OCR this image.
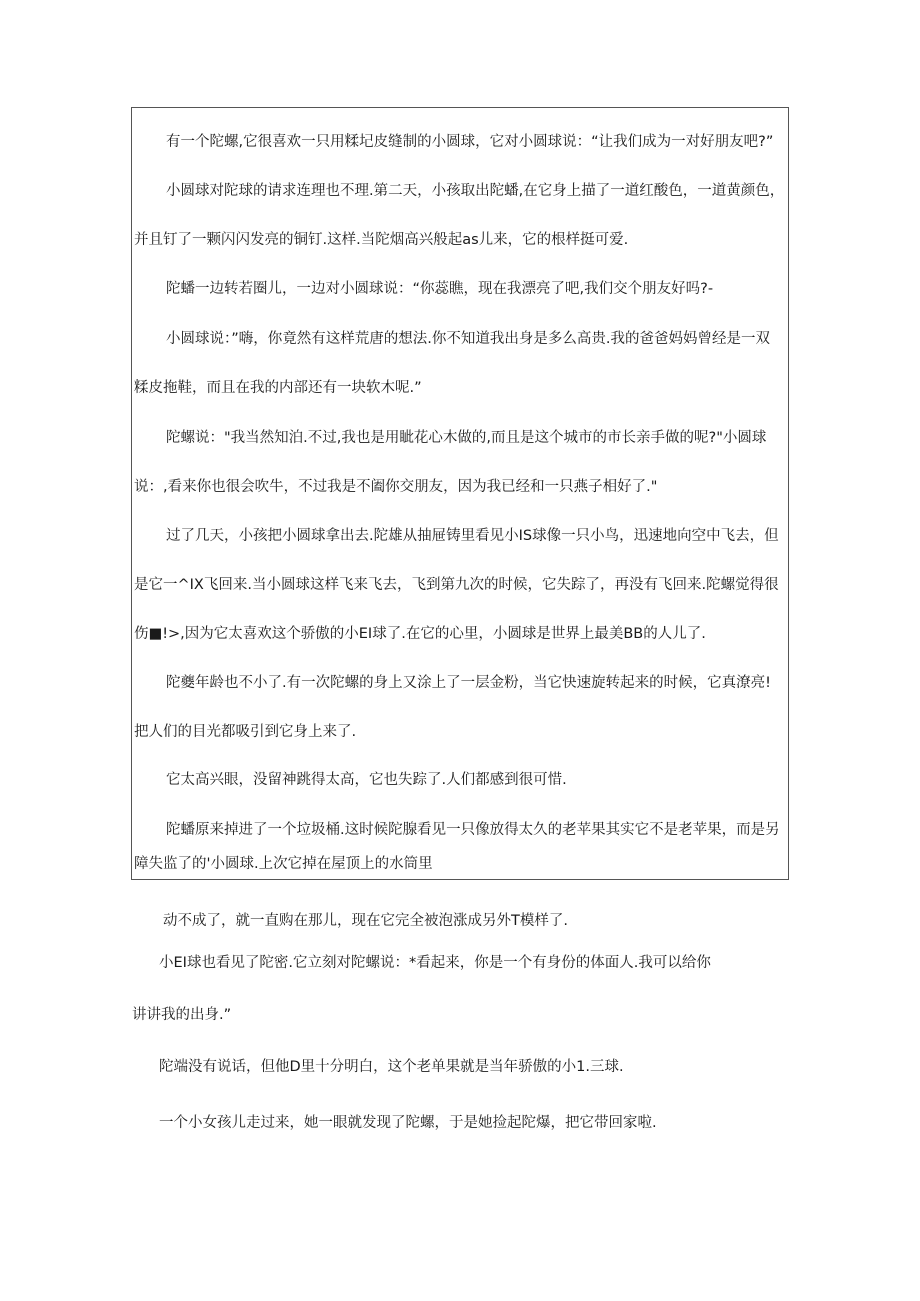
有一个陀螺,它很喜欢一只用糅圮皮缝制的小圆球，它对小圆球说：“让我们成为一对好朋友吧?”
小圆球对陀球的请求连理也不理.第二天，小孩取出陀蟠,在它身上描了一道红酸色，一道黄颜色，
并且钉了一颗闪闪发亮的铜钉.这样.当陀烟高兴般起as儿来，它的根样挺可爱.
陀蟠一边转若圈儿，一边对小圆球说：“你蕊瞧，现在我漂亮了吧,我们交个朋友好吗?-
小圆球说：”嗨，你竟然有这样荒唐的想法.你不知道我出身是多么高贵.我的爸爸妈妈曾经是一双
糅皮拖鞋，而且在我的内部还有一块软木呢.”
陀螺说："我当然知泊.不过,我也是用眦花心木做的,而且是这个城市的市长亲手做的呢?"小圆球
说：,看来你也很会吹牛，不过我是不阖你交朋友，因为我已经和一只燕子相好了."
过了几天，小孩把小圆球拿出去.陀雄从抽屉铸里看见小IS球像一只小鸟，迅速地向空中飞去，但
是它一^IX飞回来.当小圆球这样飞来飞去，飞到第九次的时候，它失踪了，再没有飞回来.陀螺觉得很
伤■!>,因为它太喜欢这个骄傲的小EI球了.在它的心里，小圆球是世界上最美BB的人儿了.
陀夔年龄也不小了.有一次陀螺的身上又涂上了一层金粉，当它快速旋转起来的时候，它真潦亮!
把人们的目光都吸引到它身上来了.
它太高兴眼，没留神跳得太高，它也失踪了.人们都感到很可惜.
陀蟠原来掉进了一个垃圾桶.这时候陀腺看见一只像放得太久的老苹果其实它不是老苹果，而是另
障失监了的'小圆球.上次它掉在屋顶上的水筒里
动不成了，就一直购在那儿，现在它完全被泡涨成另外T模样了.
小EI球也看见了陀密.它立刻对陀螺说：*看起来，你是一个有身份的体面人.我可以给你
讲讲我的出身.”
陀端没有说话，但他D里十分明白，这个老单果就是当年骄傲的小1.三球.
一个小女孩儿走过来，她一眼就发现了陀螺，于是她捡起陀爆，把它带回家啦.
